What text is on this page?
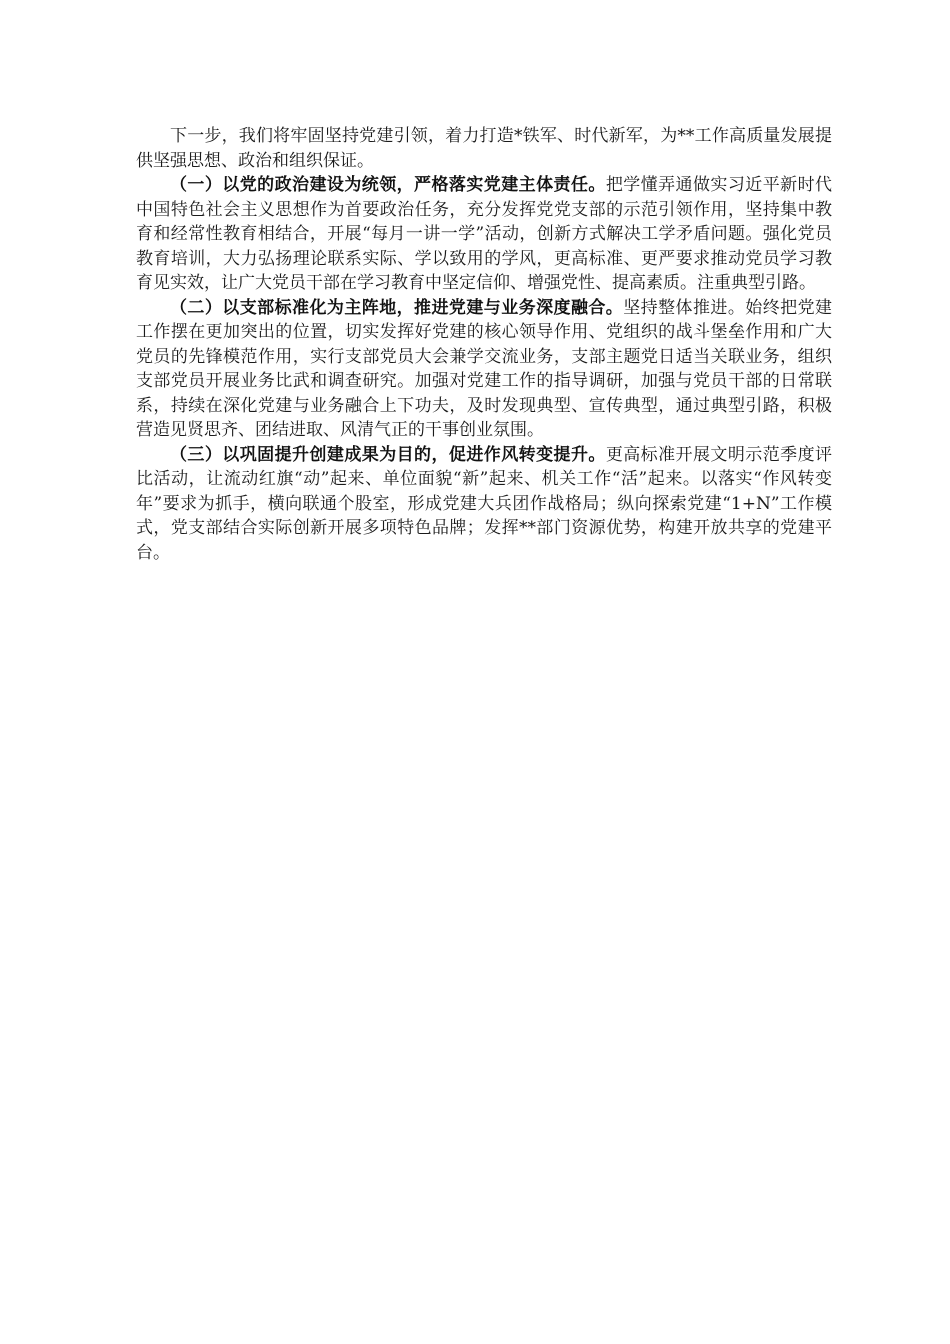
下一步，我们将牢固坚持党建引领，着力打造*铁军、时代新军，为**工作高质量发展提供坚强思想、政治和组织保证。

（一）以党的政治建设为统领，严格落实党建主体责任。把学懂弄通做实习近平新时代中国特色社会主义思想作为首要政治任务，充分发挥党党支部的示范引领作用，坚持集中教育和经常性教育相结合，开展“每月一讲一学”活动，创新方式解决工学矛盾问题。强化党员教育培训，大力弘扬理论联系实际、学以致用的学风，更高标准、更严要求推动党员学习教育见实效，让广大党员干部在学习教育中坚定信仰、增强党性、提高素质。注重典型引路。

（二）以支部标准化为主阵地，推进党建与业务深度融合。坚持整体推进。始终把党建工作摆在更加突出的位置，切实发挥好党建的核心领导作用、党组织的战斗堡垒作用和广大党员的先锋模范作用，实行支部党员大会兼学交流业务，支部主题党日适当关联业务，组织支部党员开展业务比武和调查研究。加强对党建工作的指导调研，加强与党员干部的日常联系，持续在深化党建与业务融合上下功夫，及时发现典型、宣传典型，通过典型引路，积极营造见贤思齐、团结进取、风清气正的干事创业氛围。

（三）以巩固提升创建成果为目的，促进作风转变提升。更高标准开展文明示范季度评比活动，让流动红旗“动”起来、单位面貌“新”起来、机关工作“活”起来。以落实“作风转变年”要求为抓手，横向联通个股室，形成党建大兵团作战格局；纵向探索党建“1+N”工作模式，党支部结合实际创新开展多项特色品牌；发挥**部门资源优势，构建开放共享的党建平台。
